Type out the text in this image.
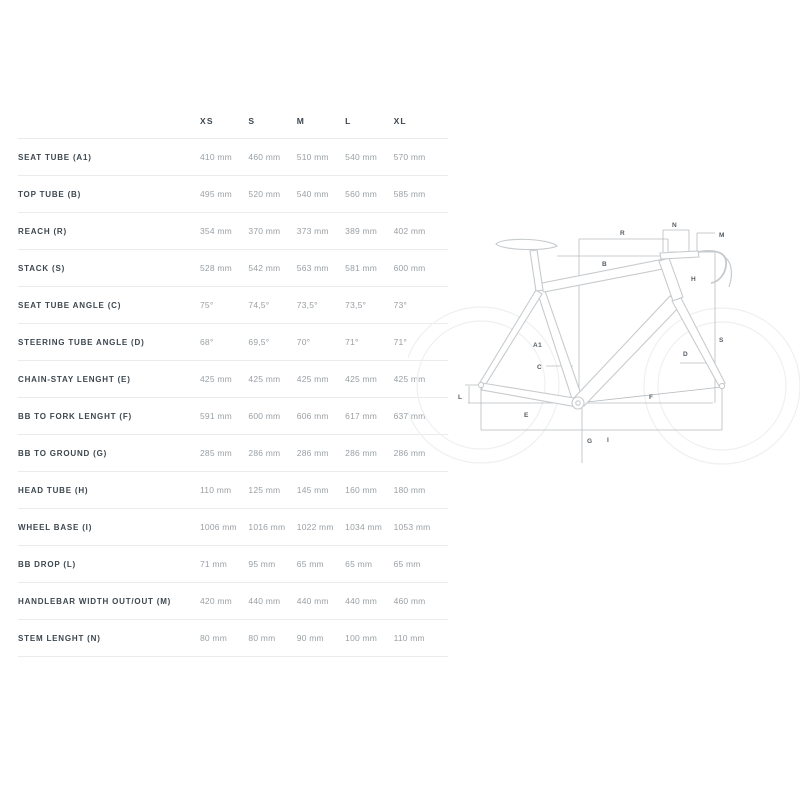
XS	S	M	L	XL
SEAT TUBE (A1)	410 mm	460 mm	510 mm	540 mm	570 mm
TOP TUBE (B)	495 mm	520 mm	540 mm	560 mm	585 mm
REACH (R)	354 mm	370 mm	373 mm	389 mm	402 mm
STACK (S)	528 mm	542 mm	563 mm	581 mm	600 mm
SEAT TUBE ANGLE (C)	75°	74,5°	73,5°	73,5°	73°
STEERING TUBE ANGLE (D)	68°	69,5°	70°	71°	71°
CHAIN-STAY LENGHT (E)	425 mm	425 mm	425 mm	425 mm	425 mm
BB TO FORK LENGHT (F)	591 mm	600 mm	606 mm	617 mm	637 mm
BB TO GROUND (G)	285 mm	286 mm	286 mm	286 mm	286 mm
HEAD TUBE (H)	110 mm	125 mm	145 mm	160 mm	180 mm
WHEEL BASE (I)	1006 mm	1016 mm	1022 mm	1034 mm	1053 mm
BB DROP (L)	71 mm	95 mm	65 mm	65 mm	65 mm
HANDLEBAR WIDTH OUT/OUT (M)	420 mm	440 mm	440 mm	440 mm	460 mm
STEM LENGHT (N)	80 mm	80 mm	90 mm	100 mm	110 mm
A1
B
C
D
E
F
G
H
I
L
M
N
R
S
